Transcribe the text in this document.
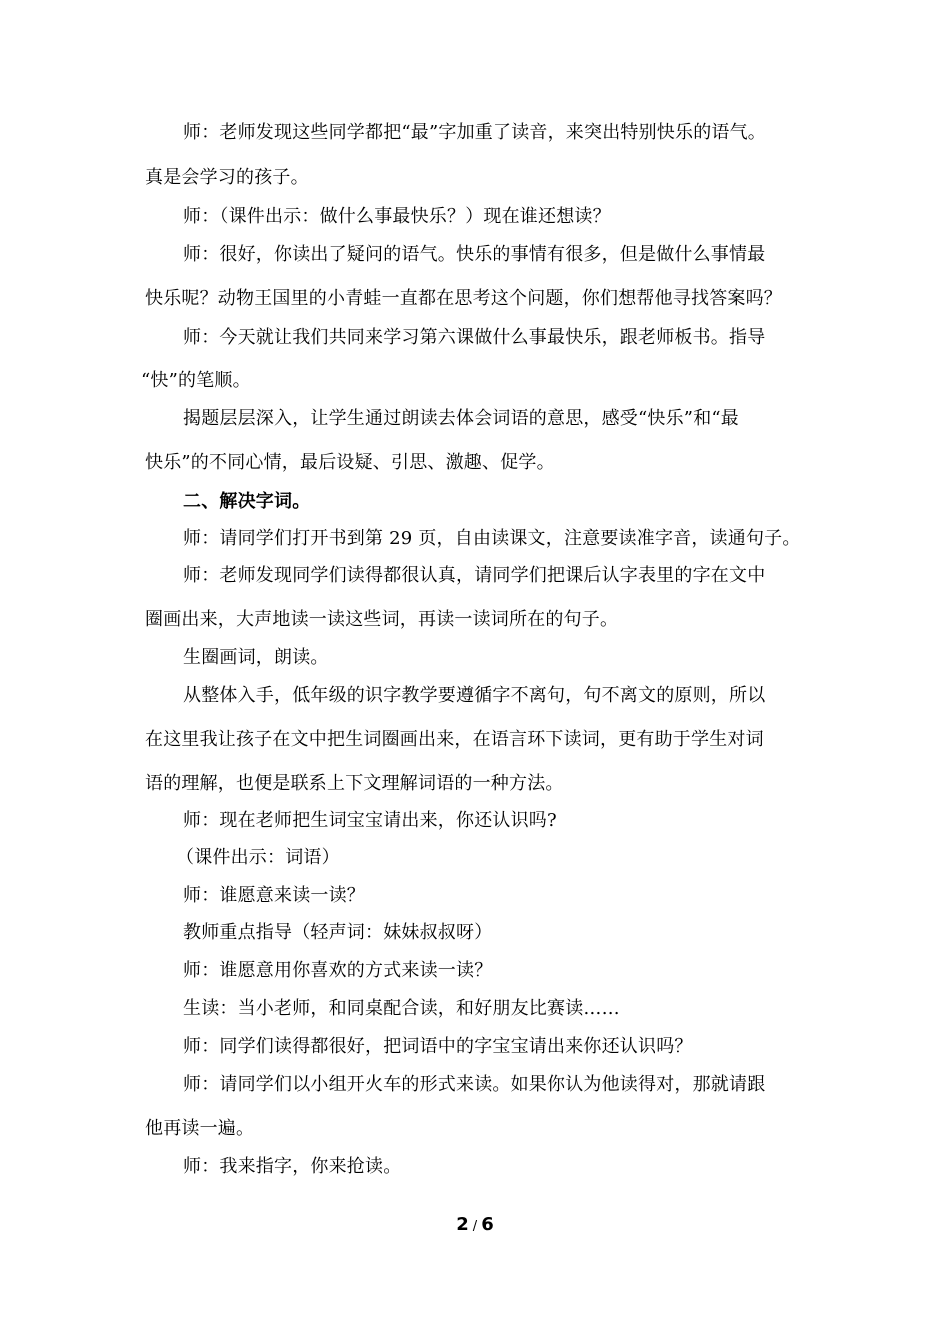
师：老师发现这些同学都把“最”字加重了读音，来突出特别快乐的语气。
真是会学习的孩子。
师：（课件出示：做什么事最快乐？）现在谁还想读？
师：很好，你读出了疑问的语气。快乐的事情有很多，但是做什么事情最
快乐呢？动物王国里的小青蛙一直都在思考这个问题，你们想帮他寻找答案吗？
师：今天就让我们共同来学习第六课做什么事最快乐，跟老师板书。指导
“快”的笔顺。
揭题层层深入，让学生通过朗读去体会词语的意思，感受“快乐”和“最
快乐”的不同心情，最后设疑、引思、激趣、促学。
二、解决字词。
师：请同学们打开书到第 29 页，自由读课文，注意要读准字音，读通句子。
师：老师发现同学们读得都很认真，请同学们把课后认字表里的字在文中
圈画出来，大声地读一读这些词，再读一读词所在的句子。
生圈画词，朗读。
从整体入手，低年级的识字教学要遵循字不离句，句不离文的原则，所以
在这里我让孩子在文中把生词圈画出来，在语言环下读词，更有助于学生对词
语的理解，也便是联系上下文理解词语的一种方法。
师：现在老师把生词宝宝请出来，你还认识吗?
（课件出示：词语）
师：谁愿意来读一读？
教师重点指导（轻声词：妹妹叔叔呀）
师：谁愿意用你喜欢的方式来读一读？
生读：当小老师，和同桌配合读，和好朋友比赛读……
师：同学们读得都很好，把词语中的字宝宝请出来你还认识吗？
师：请同学们以小组开火车的形式来读。如果你认为他读得对，那就请跟
他再读一遍。
师：我来指字，你来抢读。
2 / 6
